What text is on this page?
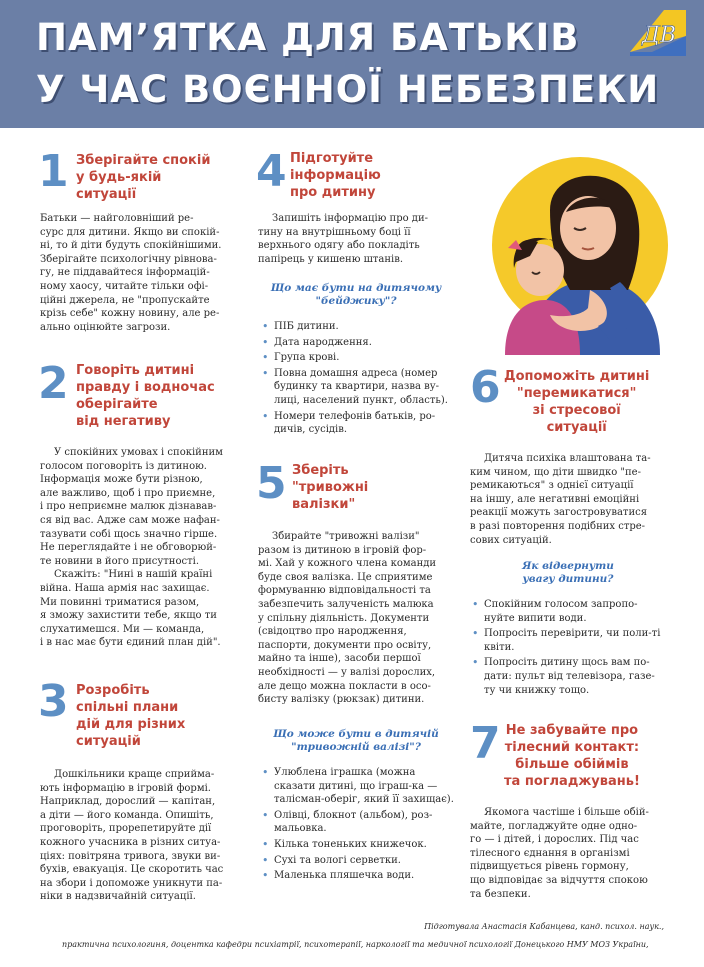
ПАМ’ЯТКА ДЛЯ БАТЬКІВ
У ЧАС ВОЄННОЇ НЕБЕЗПЕКИ
ДВ
1 Зберігайте спокій
у будь-якій
ситуації
Батьки — найголовніший ре-
сурс для дитини. Якщо ви спокій-
ні, то й діти будуть спокійнішими.
Зберігайте психологічну рівнова-
гу, не піддавайтеся інформацій-
ному хаосу, читайте тільки офі-
ційні джерела, не "пропускайте
крізь себе" кожну новину, але ре-
ально оцінюйте загрози.
2 Говоріть дитині
правду і водночас
оберігайте
від негативу
У спокійних умовах і спокійним
голосом поговоріть із дитиною.
Інформація може бути різною,
але важливо, щоб і про приємне,
і про неприємне малюк дізнавав-
ся від вас. Адже сам може нафан-
тазувати собі щось значно гірше.
Не переглядайте і не обговорюй-
те новини в його присутності.
Скажіть: "Нині в нашій країні
війна. Наша армія нас захищає.
Ми повинні триматися разом,
я зможу захистити тебе, якщо ти
слухатимешся. Ми — команда,
і в нас має бути єдиний план дій".
3 Розробіть
спільні плани
дій для різних
ситуацій
Дошкільники краще сприйма-
ють інформацію в ігровій формі.
Наприклад, дорослий — капітан,
а діти — його команда. Опишіть,
проговоріть, прорепетируйте дії
кожного учасника в різних ситуа-
ціях: повітряна тривога, звуки ви-
бухів, евакуація. Це скоротить час
на збори і допоможе уникнути па-
ніки в надзвичайній ситуації.
4 Підготуйте
інформацію
про дитину
Запишіть інформацію про ди-
тину на внутрішньому боці її
верхнього одягу або покладіть
папірець у кишеню штанів.
Що має бути на дитячому
"бейджику"?
• ПІБ дитини.
• Дата народження.
• Група крові.
• Повна домашня адреса (номер будинку та квартири, назва ву-лиці, населений пункт, область).
• Номери телефонів батьків, ро-дичів, сусідів.
5 Зберіть
"тривожні
валізки"
Збирайте "тривожні валізи"
разом із дитиною в ігровій фор-
мі. Хай у кожного члена команди
буде своя валізка. Це сприятиме
формуванню відповідальності та
забезпечить залученість малюка
у спільну діяльність. Документи
(свідоцтво про народження,
паспорти, документи про освіту,
майно та інше), засоби першої
необхідності — у валізі дорослих,
але дещо можна покласти в осо-
бисту валізку (рюкзак) дитини.
Що може бути в дитячій
"тривожній валізі"?
• Улюблена іграшка (можна сказати дитині, що іграш-ка — талісман-оберіг, який її захищає).
• Олівці, блокнот (альбом), роз-мальовка.
• Кілька тоненьких книжечок.
• Сухі та вологі серветки.
• Маленька пляшечка води.
6 Допоможіть дитині
"перемикатися"
зі стресової
ситуації
Дитяча психіка влаштована та-
ким чином, що діти швидко "пе-
ремикаються" з однієї ситуації
на іншу, але негативні емоційні
реакції можуть загостровуватися
в разі повторення подібних стре-
сових ситуацій.
Як відвернути
увагу дитини?
• Спокійним голосом запропо-нуйте випити води.
• Попросіть перевірити, чи поли-ті квіти.
• Попросіть дитину щось вам по-дати: пульт від телевізора, газе-ту чи книжку тощо.
7 Не забувайте про
тілесний контакт:
більше обіймів
та погладжувань!
Якомога частіше і більше обій-
майте, погладжуйте одне одно-
го — і дітей, і дорослих. Під час
тілесного єднання в організмі
підвищується рівень гормону,
що відповідає за відчуття спокою
та безпеки.
Підготувала Анастасія Кабанцева, канд. психол. наук.,
практична психологиня, доцентка кафедри психіатрії, психотерапії, наркології та медичної психології Донецького НМУ МОЗ України,
